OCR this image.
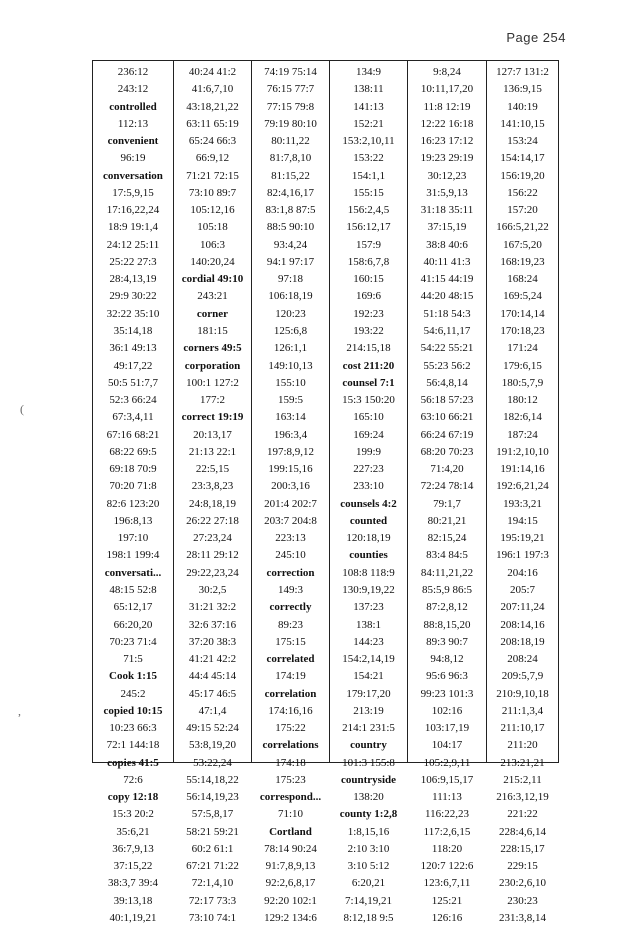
Page 254
(
,
236:12
243:12
controlled
112:13
convenient
96:19
conversation
17:5,9,15
17:16,22,24
18:9 19:1,4
24:12 25:11
25:22 27:3
28:4,13,19
29:9 30:22
32:22 35:10
35:14,18
36:1 49:13
49:17,22
50:5 51:7,7
52:3 66:24
67:3,4,11
67:16 68:21
68:22 69:5
69:18 70:9
70:20 71:8
82:6 123:20
196:8,13
197:10
198:1 199:4
conversati...
48:15 52:8
65:12,17
66:20,20
70:23 71:4
71:5
Cook 1:15
245:2
copied 10:15
10:23 66:3
72:1 144:18
copies 41:5
72:6
copy 12:18
15:3 20:2
35:6,21
36:7,9,13
37:15,22
38:3,7 39:4
39:13,18
40:1,19,21
40:24 41:2
41:6,7,10
43:18,21,22
63:11 65:19
65:24 66:3
66:9,12
71:21 72:15
73:10 89:7
105:12,16
105:18
106:3
140:20,24
cordial 49:10
243:21
corner
181:15
corners 49:5
corporation
100:1 127:2
177:2
correct 19:19
20:13,17
21:13 22:1
22:5,15
23:3,8,23
24:8,18,19
26:22 27:18
27:23,24
28:11 29:12
29:22,23,24
30:2,5
31:21 32:2
32:6 37:16
37:20 38:3
41:21 42:2
44:4 45:14
45:17 46:5
47:1,4
49:15 52:24
53:8,19,20
53:22,24
55:14,18,22
56:14,19,23
57:5,8,17
58:21 59:21
60:2 61:1
67:21 71:22
72:1,4,10
72:17 73:3
73:10 74:1
74:19 75:14
76:15 77:7
77:15 79:8
79:19 80:10
80:11,22
81:7,8,10
81:15,22
82:4,16,17
83:1,8 87:5
88:5 90:10
93:4,24
94:1 97:17
97:18
106:18,19
120:23
125:6,8
126:1,1
149:10,13
155:10
159:5
163:14
196:3,4
197:8,9,12
199:15,16
200:3,16
201:4 202:7
203:7 204:8
223:13
245:10
correction
149:3
correctly
89:23
175:15
correlated
174:19
correlation
174:16,16
175:22
correlations
174:18
175:23
correspond...
71:10
Cortland
78:14 90:24
91:7,8,9,13
92:2,6,8,17
92:20 102:1
129:2 134:6
134:9
138:11
141:13
152:21
153:2,10,11
153:22
154:1,1
155:15
156:2,4,5
156:12,17
157:9
158:6,7,8
160:15
169:6
192:23
193:22
214:15,18
cost 211:20
counsel 7:1
15:3 150:20
165:10
169:24
199:9
227:23
233:10
counsels 4:2
counted
120:18,19
counties
108:8 118:9
130:9,19,22
137:23
138:1
144:23
154:2,14,19
154:21
179:17,20
213:19
214:1 231:5
country
101:3 155:8
countryside
138:20
county 1:2,8
1:8,15,16
2:10 3:10
3:10 5:12
6:20,21
7:14,19,21
8:12,18 9:5
9:8,24
10:11,17,20
11:8 12:19
12:22 16:18
16:23 17:12
19:23 29:19
30:12,23
31:5,9,13
31:18 35:11
37:15,19
38:8 40:6
40:11 41:3
41:15 44:19
44:20 48:15
51:18 54:3
54:6,11,17
54:22 55:21
55:23 56:2
56:4,8,14
56:18 57:23
63:10 66:21
66:24 67:19
68:20 70:23
71:4,20
72:24 78:14
79:1,7
80:21,21
82:15,24
83:4 84:5
84:11,21,22
85:5,9 86:5
87:2,8,12
88:8,15,20
89:3 90:7
94:8,12
95:6 96:3
99:23 101:3
102:16
103:17,19
104:17
105:2,9,11
106:9,15,17
111:13
116:22,23
117:2,6,15
118:20
120:7 122:6
123:6,7,11
125:21
126:16
127:7 131:2
136:9,15
140:19
141:10,15
153:24
154:14,17
156:19,20
156:22
157:20
166:5,21,22
167:5,20
168:19,23
168:24
169:5,24
170:14,14
170:18,23
171:24
179:6,15
180:5,7,9
180:12
182:6,14
187:24
191:2,10,10
191:14,16
192:6,21,24
193:3,21
194:15
195:19,21
196:1 197:3
204:16
205:7
207:11,24
208:14,16
208:18,19
208:24
209:5,7,9
210:9,10,18
211:1,3,4
211:10,17
211:20
213:21,21
215:2,11
216:3,12,19
221:22
228:4,6,14
228:15,17
229:15
230:2,6,10
230:23
231:3,8,14
